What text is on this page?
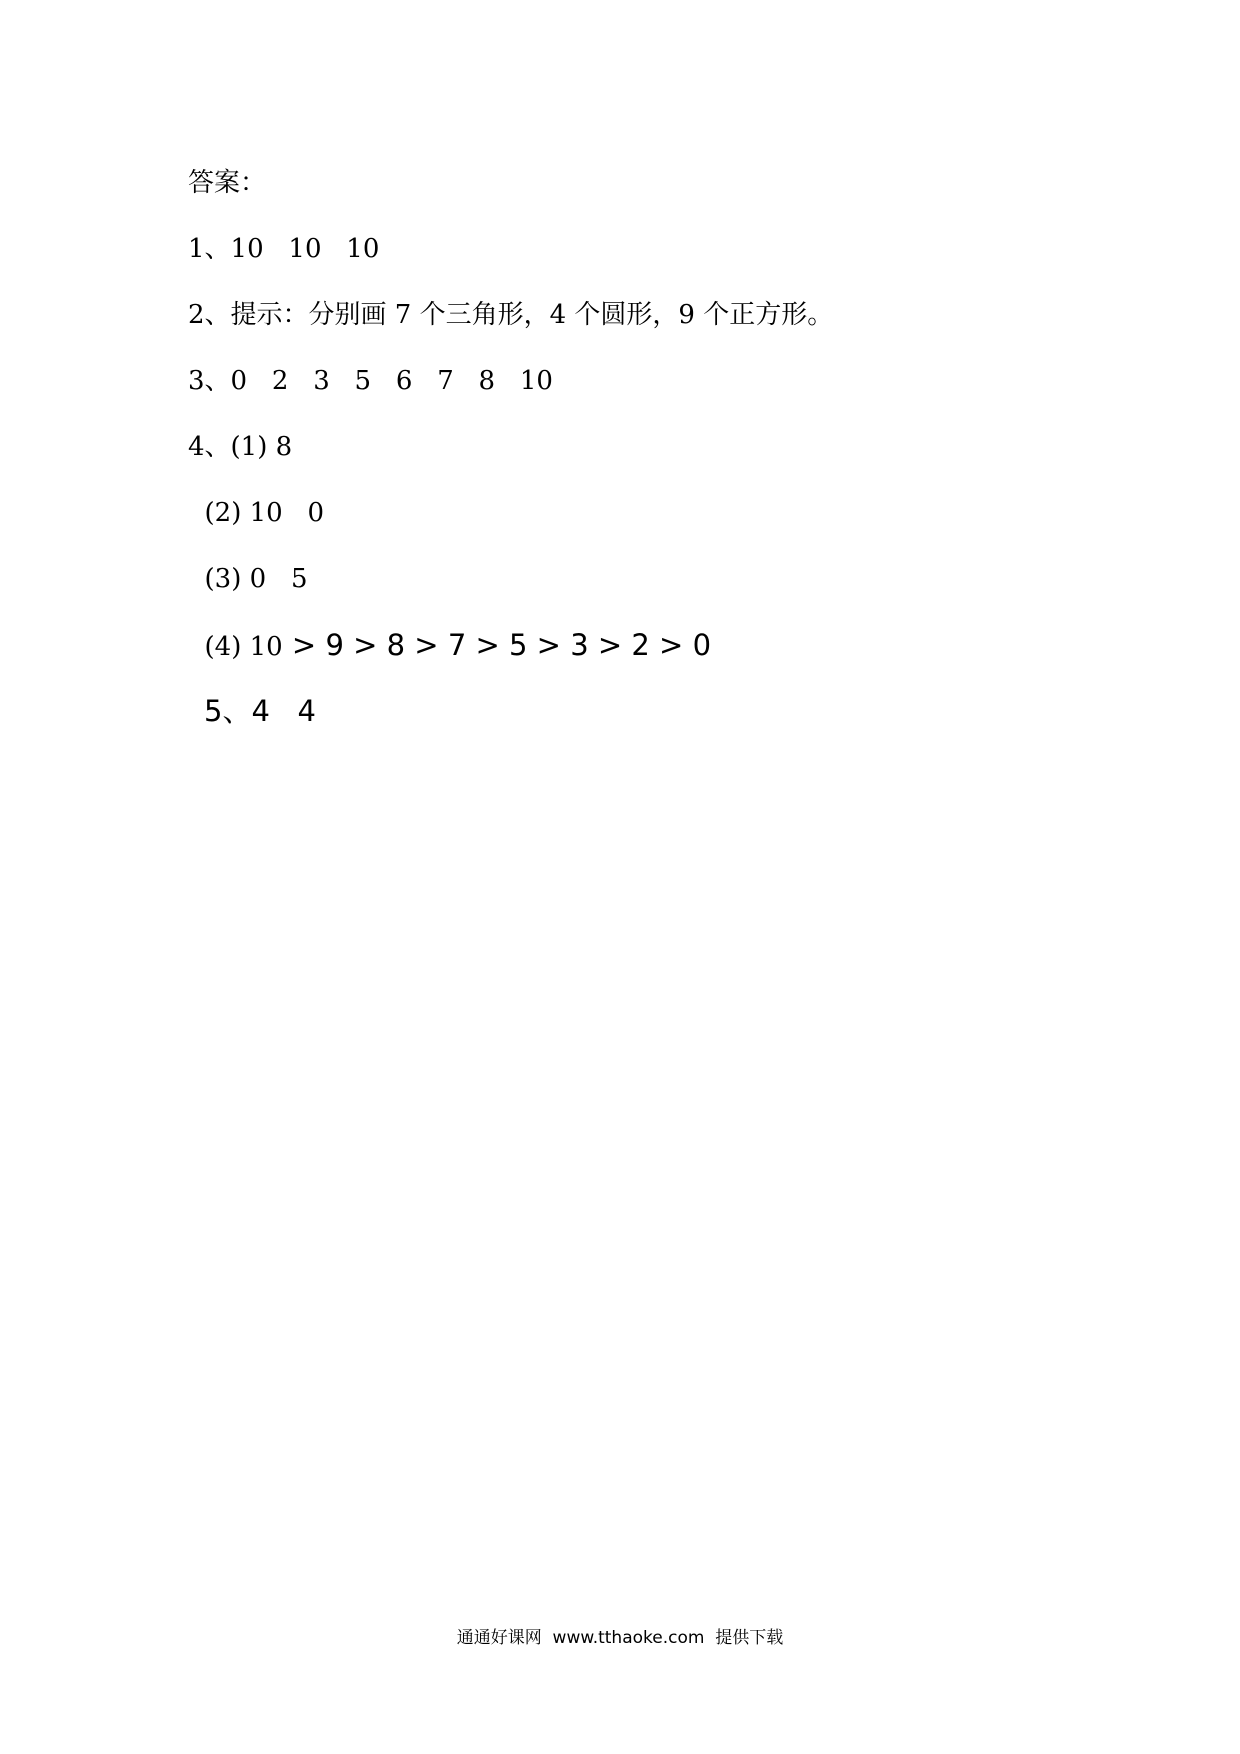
答案：
1、10   10   10
2、提示：分别画 7 个三角形，4 个圆形，9 个正方形。
3、0   2   3   5   6   7   8   10
4、(1) 8
(2) 10   0
(3) 0   5
(4) 10 > 9 > 8 > 7 > 5 > 3 > 2 > 0
5、4   4
通通好课网  www.tthaoke.com  提供下载
